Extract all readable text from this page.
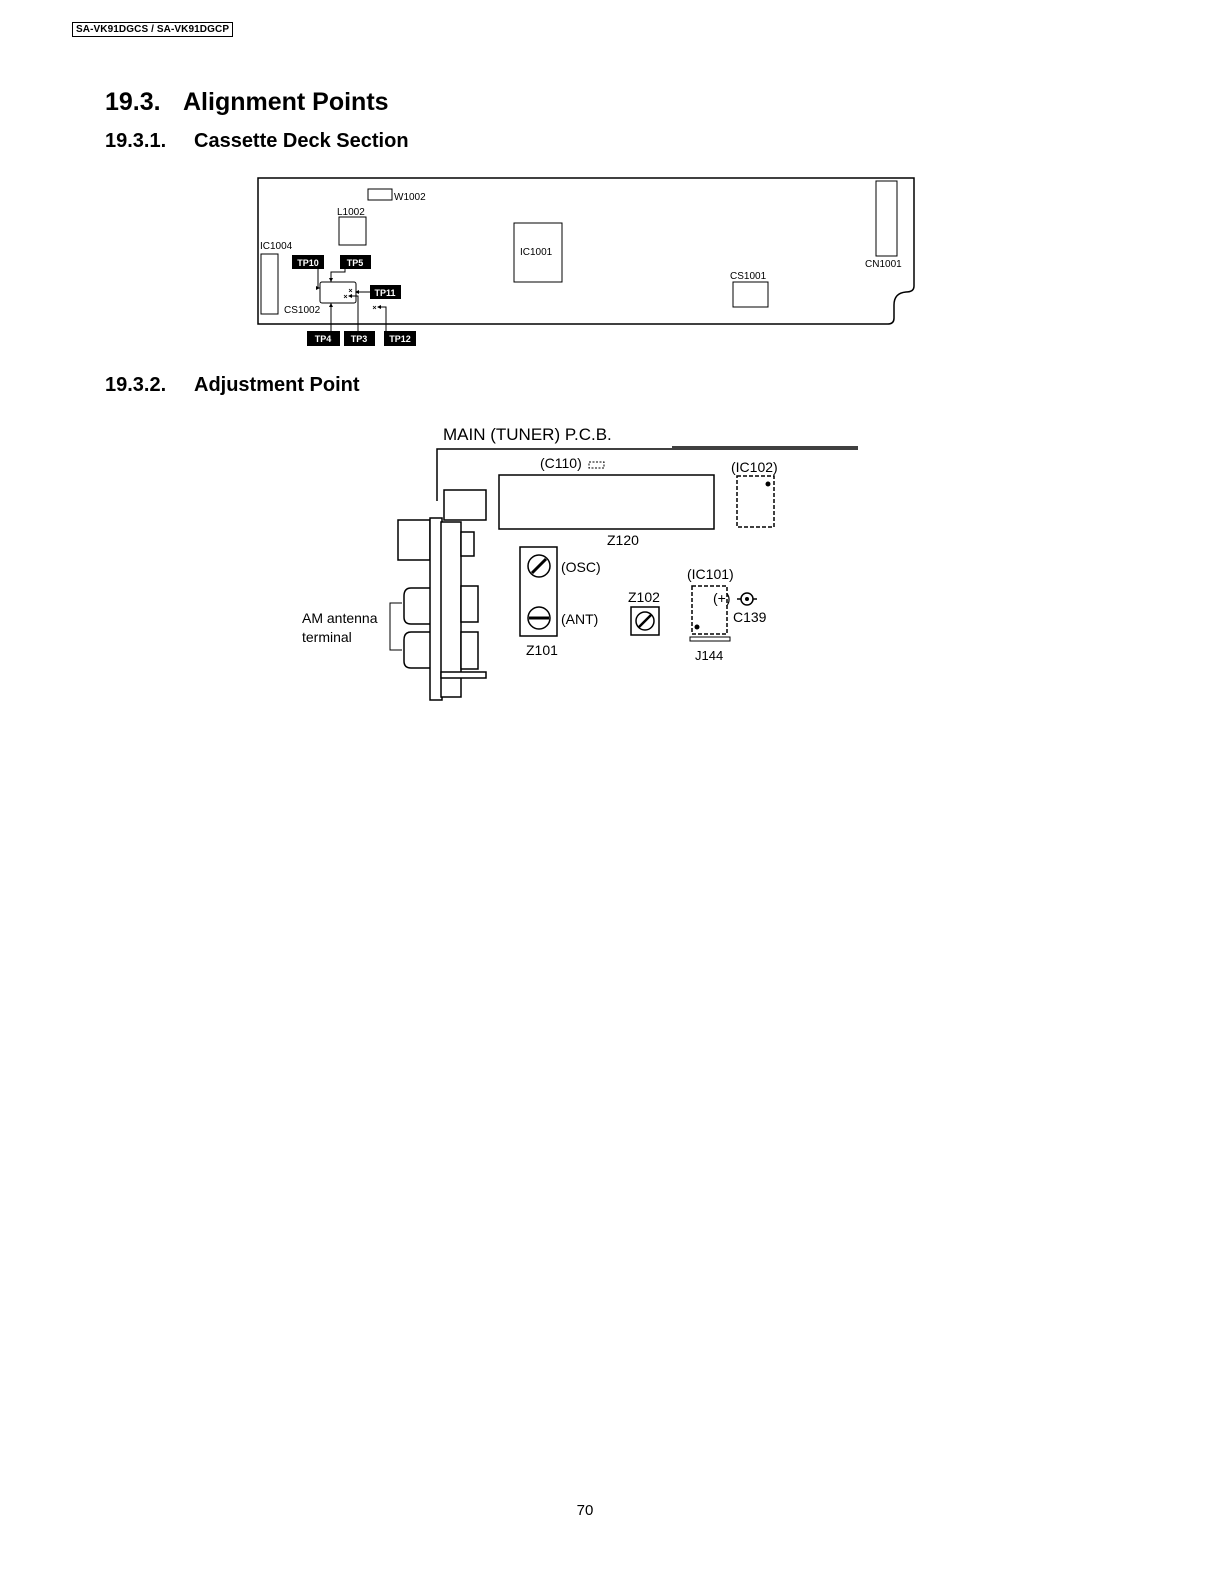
SA-VK91DGCS / SA-VK91DGCP
19.3. Alignment Points
19.3.1. Cassette Deck Section
19.3.2. Adjustment Point
W1002
L1002
IC1004
IC1001
CS1001
CN1001
CS1002
TP10	TP5
TP11
TP4 TP3 TP12
MAIN (TUNER) P.C.B.
AM antenna
terminal
(C110)
Z120
(IC102)
(OSC)
(ANT)
Z101
Z102
(IC101)
(+)
C139
J144
70
